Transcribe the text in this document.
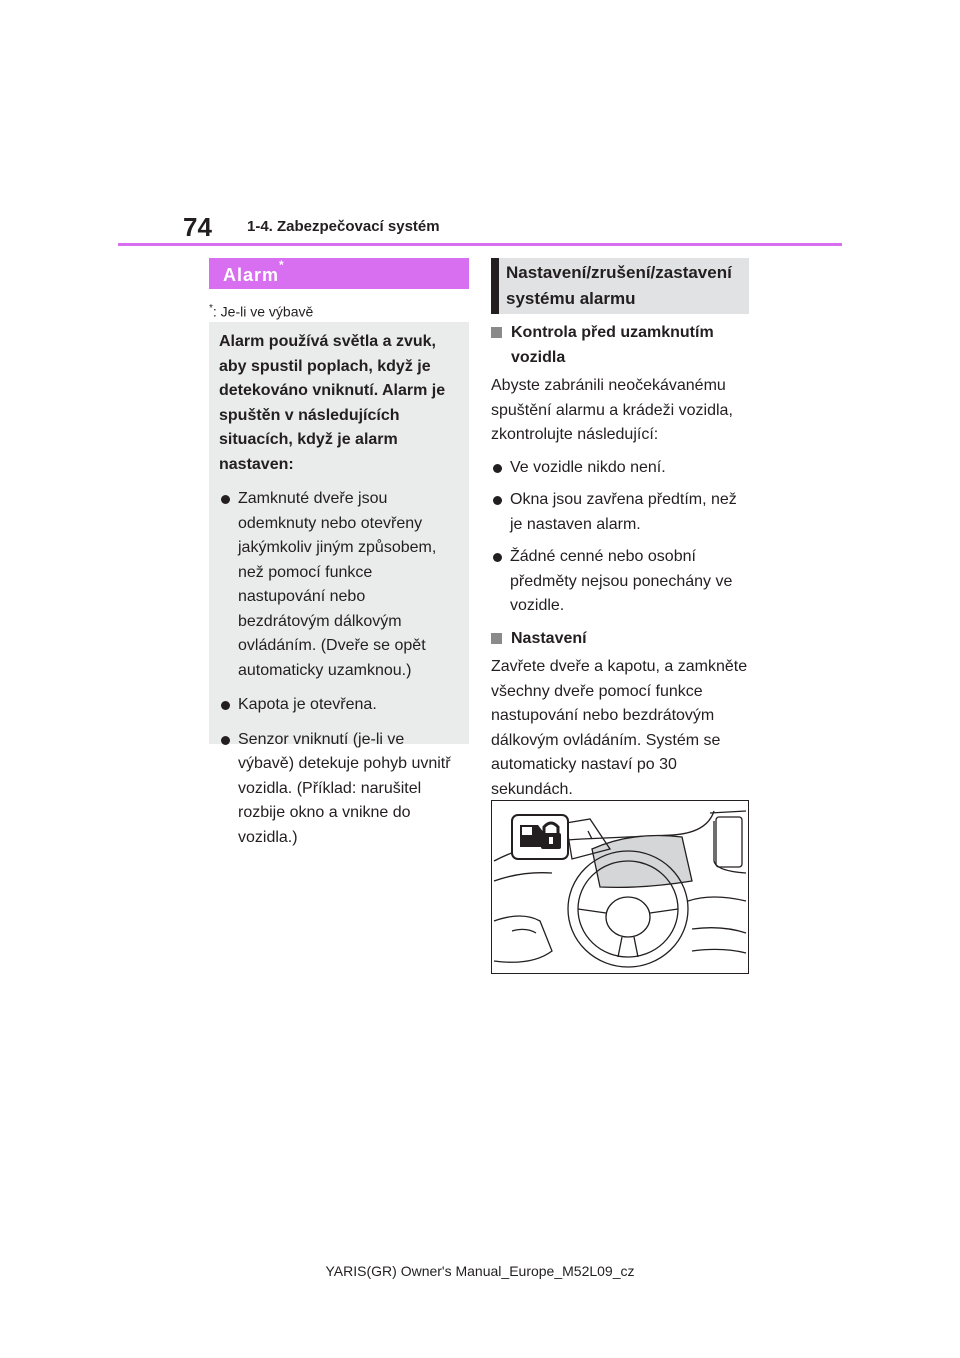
74 1-4. Zabezpečovací systém
Alarm*
*: Je-li ve výbavě

Alarm používá světla a zvuk, aby spustil poplach, když je detekováno vniknutí. Alarm je spuštěn v následujících situacích, když je alarm nastaven:

Zamknuté dveře jsou odemknuty nebo otevřeny jakýmkoliv jiným způsobem, než pomocí funkce nastupování nebo bezdrátovým dálkovým ovládáním. (Dveře se opět automaticky uzamknou.)
Kapota je otevřena.
Senzor vniknutí (je-li ve výbavě) detekuje pohyb uvnitř vozidla. (Příklad: narušitel rozbije okno a vnikne do vozidla.)
Nastavení/zrušení/zastavení systému alarmu
Kontrola před uzamknutím vozidla

Abyste zabránili neočekávanému spuštění alarmu a krádeži vozidla, zkontrolujte následující:

Ve vozidle nikdo není.
Okna jsou zavřena předtím, než je nastaven alarm.
Žádné cenné nebo osobní předměty nejsou ponechány ve vozidle.
Nastavení

Zavřete dveře a kapotu, a zamkněte všechny dveře pomocí funkce nastupování nebo bezdrátovým dálkovým ovládáním. Systém se automaticky nastaví po 30 sekundách.

YARIS(GR) Owner's Manual_Europe_M52L09_cz
